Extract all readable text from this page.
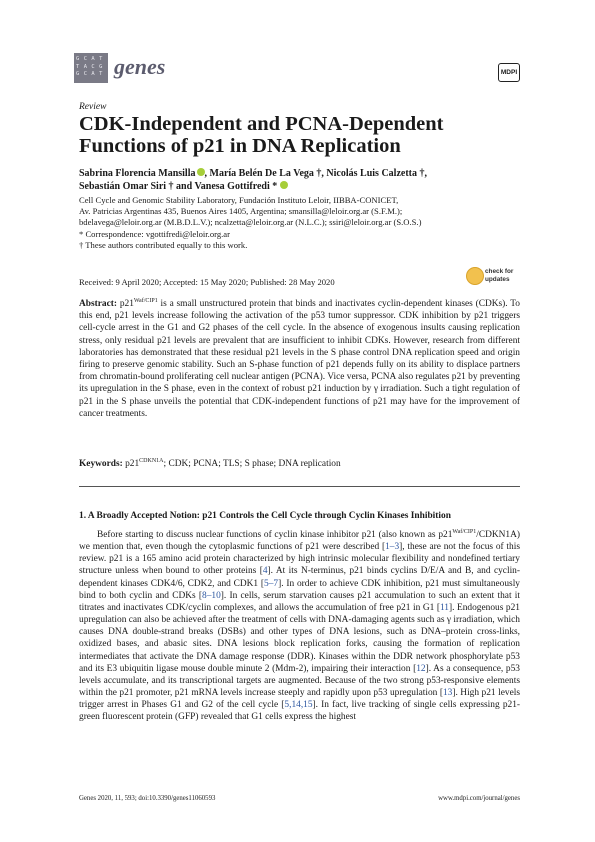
G C A T
T A C G
G C A T genes	MDPI
Review
CDK-Independent and PCNA-Dependent Functions of p21 in DNA Replication
Sabrina Florencia Mansilla , María Belén De La Vega †, Nicolás Luis Calzetta †,
Sebastián Omar Siri † and Vanesa Gottifredi *
Cell Cycle and Genomic Stability Laboratory, Fundación Instituto Leloir, IIBBA-CONICET,
Av. Patricias Argentinas 435, Buenos Aires 1405, Argentina; smansilla@leloir.org.ar (S.F.M.);
bdelavega@leloir.org.ar (M.B.D.L.V.); ncalzetta@leloir.org.ar (N.L.C.); ssiri@leloir.org.ar (S.O.S.)
* Correspondence: vgottifredi@leloir.org.ar
† These authors contributed equally to this work.
Received: 9 April 2020; Accepted: 15 May 2020; Published: 28 May 2020
check for
updates
Abstract: $p21^{Waf/CIP1}$ is a small unstructured protein that binds and inactivates cyclin-dependent kinases (CDKs). To this end, p21 levels increase following the activation of the p53 tumor suppressor. CDK inhibition by p21 triggers cell-cycle arrest in the G1 and G2 phases of the cell cycle. In the absence of exogenous insults causing replication stress, only residual p21 levels are prevalent that are insufficient to inhibit CDKs. However, research from different laboratories has demonstrated that these residual p21 levels in the S phase control DNA replication speed and origin firing to preserve genomic stability. Such an S-phase function of p21 depends fully on its ability to displace partners from chromatin-bound proliferating cell nuclear antigen (PCNA). Vice versa, PCNA also regulates p21 by preventing its upregulation in the S phase, even in the context of robust p21 induction by γ irradiation. Such a tight regulation of p21 in the S phase unveils the potential that CDK-independent functions of p21 may have for the improvement of cancer treatments.
Keywords: $p21^{CDKN1A}$; CDK; PCNA; TLS; S phase; DNA replication
1. A Broadly Accepted Notion: p21 Controls the Cell Cycle through Cyclin Kinases Inhibition

Before starting to discuss nuclear functions of cyclin kinase inhibitor p21 (also known as $p21^{Waf/CIP1}/CDKN1A$) we mention that, even though the cytoplasmic functions of p21 were described [1–3], these are not the focus of this review. p21 is a 165 amino acid protein characterized by high intrinsic molecular flexibility and nondefined tertiary structure unless when bound to other proteins [4]. At its N-terminus, p21 binds cyclins D/E/A and B, and cyclin-dependent kinases CDK4/6, CDK2, and CDK1 [5–7]. In order to achieve CDK inhibition, p21 must simultaneously bind to both cyclin and CDKs [8–10]. In cells, serum starvation causes p21 accumulation to such an extent that it titrates and inactivates CDK/cyclin complexes, and allows the accumulation of free p21 in G1 [11]. Endogenous p21 upregulation can also be achieved after the treatment of cells with DNA-damaging agents such as γ irradiation, which causes DNA double-strand breaks (DSBs) and other types of DNA lesions, such as DNA–protein cross-links, oxidized bases, and abasic sites. DNA lesions block replication forks, causing the formation of replication intermediates that activate the DNA damage response (DDR). Kinases within the DDR network phosphorylate p53 and its E3 ubiquitin ligase mouse double minute 2 (Mdm-2), impairing their interaction [12]. As a consequence, p53 levels accumulate, and its transcriptional targets are augmented. Because of the two strong p53-responsive elements within the p21 promoter, p21 mRNA levels increase steeply and rapidly upon p53 upregulation [13]. High p21 levels trigger arrest in Phases G1 and G2 of the cell cycle [5,14,15]. In fact, live tracking of single cells expressing p21-green fluorescent protein (GFP) revealed that G1 cells express the highest

Genes 2020, 11, 593; doi:10.3390/genes11060593	www.mdpi.com/journal/genes
